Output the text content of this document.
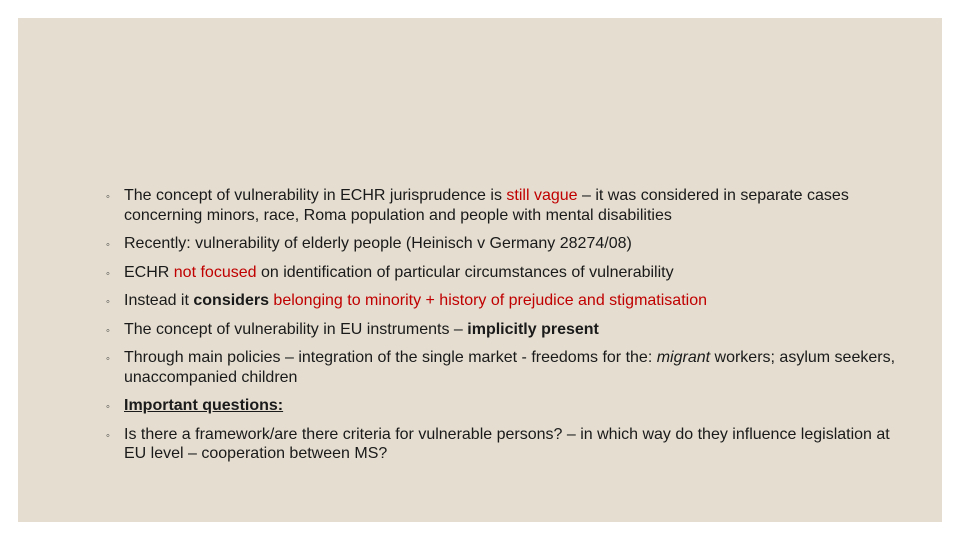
◦ The concept of vulnerability in ECHR jurisprudence is still vague – it was considered in separate cases concerning minors, race, Roma population and people with mental disabilities
◦ Recently: vulnerability of elderly people (Heinisch v Germany 28274/08)
◦ ECHR not focused on identification of particular circumstances of vulnerability
◦ Instead it considers belonging to minority + history of prejudice and stigmatisation
◦ The concept of vulnerability in EU instruments – implicitly present
◦ Through main policies – integration of the single market - freedoms for the: migrant workers; asylum seekers, unaccompanied children
◦ Important questions:
◦ Is there a framework/are there criteria for vulnerable persons? – in which way do they influence legislation at EU level – cooperation between MS?
